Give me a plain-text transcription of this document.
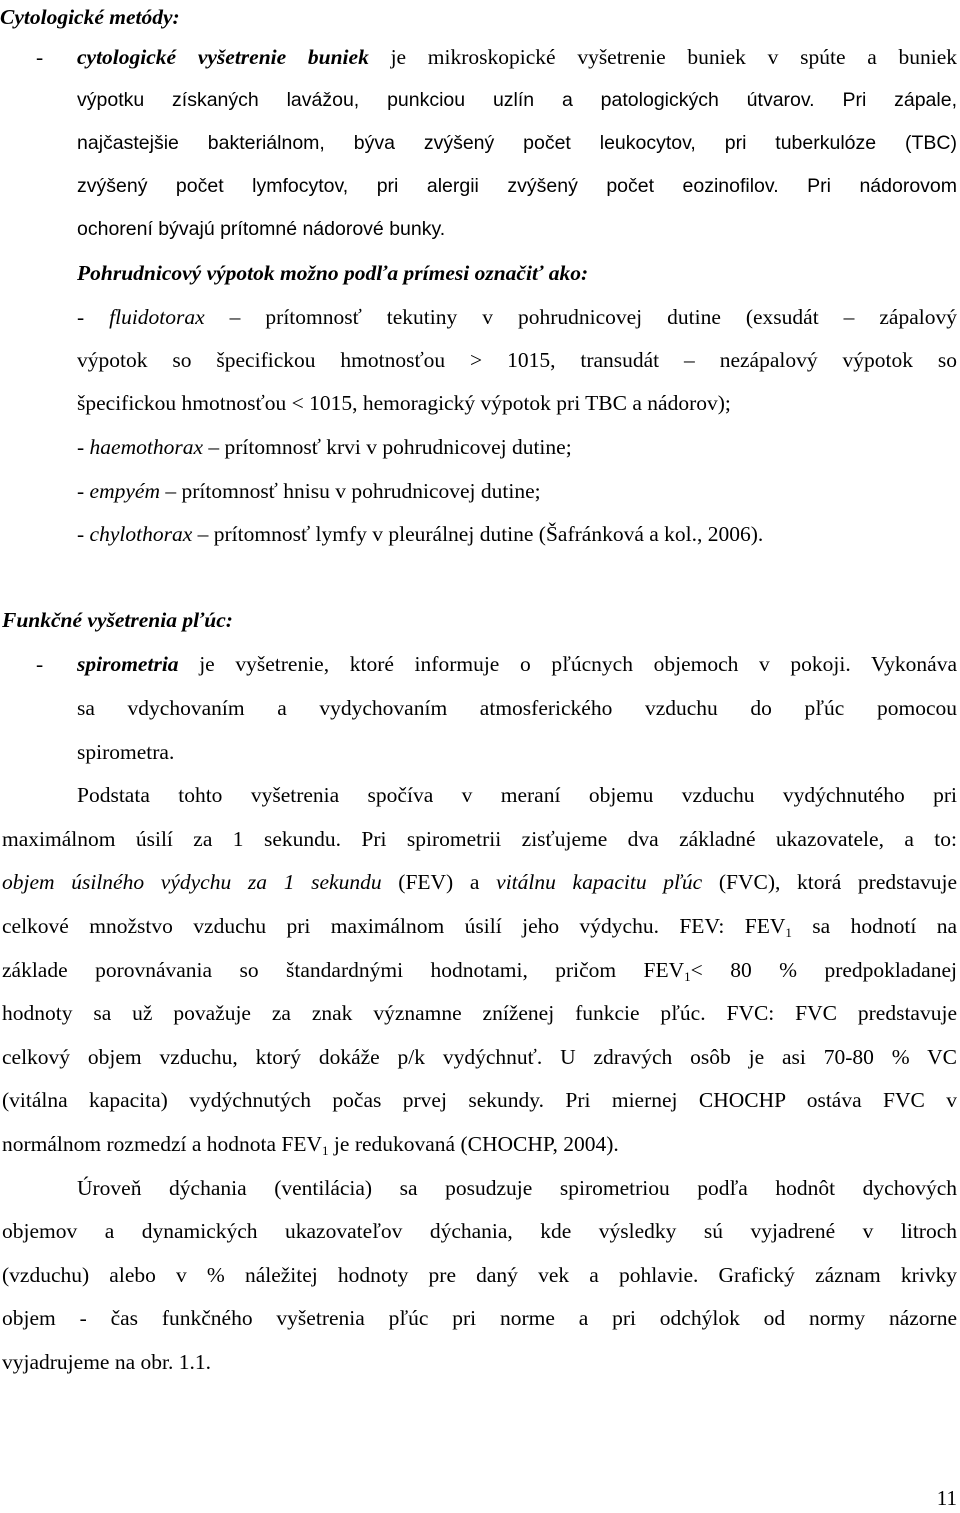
Cytologické metódy:
- cytologické vyšetrenie buniek je mikroskopické vyšetrenie buniek v spúte a buniek
výpotku získaných lavážou, punkciou uzlín a patologických útvarov. Pri zápale,
najčastejšie bakteriálnom, býva zvýšený počet leukocytov, pri tuberkulóze (TBC)
zvýšený počet lymfocytov, pri alergii zvýšený počet eozinofilov. Pri nádorovom
ochorení bývajú prítomné nádorové bunky.
Pohrudnicový výpotok možno podľa prímesi označiť ako:
- fluidotorax – prítomnosť tekutiny v pohrudnicovej dutine (exsudát – zápalový
výpotok so špecifickou hmotnosťou > 1015, transudát – nezápalový výpotok so
špecifickou hmotnosťou < 1015, hemoragický výpotok pri TBC a nádorov);
- haemothorax – prítomnosť krvi v pohrudnicovej dutine;
- empyém – prítomnosť hnisu v pohrudnicovej dutine;
- chylothorax – prítomnosť lymfy v pleurálnej dutine (Šafránková a kol., 2006).
Funkčné vyšetrenia pľúc:
- spirometria je vyšetrenie, ktoré informuje o pľúcnych objemoch v pokoji. Vykonáva
sa vdychovaním a vydychovaním atmosferického vzduchu do pľúc pomocou
spirometra.
Podstata tohto vyšetrenia spočíva v meraní objemu vzduchu vydýchnutého pri
maximálnom úsilí za 1 sekundu. Pri spirometrii zisťujeme dva základné ukazovatele, a to:
objem úsilného výdychu za 1 sekundu (FEV) a vitálnu kapacitu pľúc (FVC), ktorá predstavuje
celkové množstvo vzduchu pri maximálnom úsilí jeho výdychu. FEV: $FEV_1$ sa hodnotí na
základe porovnávania so štandardnými hodnotami, pričom $FEV_1< 80$ % predpokladanej
hodnoty sa už považuje za znak významne zníženej funkcie pľúc. FVC: FVC predstavuje
celkový objem vzduchu, ktorý dokáže p/k vydýchnuť. U zdravých osôb je asi 70-80 % VC
(vitálna kapacita) vydýchnutých počas prvej sekundy. Pri miernej CHOCHP ostáva FVC v
normálnom rozmedzí a hodnota $FEV_1$ je redukovaná (CHOCHP, 2004).
Úroveň dýchania (ventilácia) sa posudzuje spirometriou podľa hodnôt dychových
objemov a dynamických ukazovateľov dýchania, kde výsledky sú vyjadrené v litroch
(vzduchu) alebo v % náležitej hodnoty pre daný vek a pohlavie. Grafický záznam krivky
objem - čas funkčného vyšetrenia pľúc pri norme a pri odchýlok od normy názorne
vyjadrujeme na obr. 1.1.
11
